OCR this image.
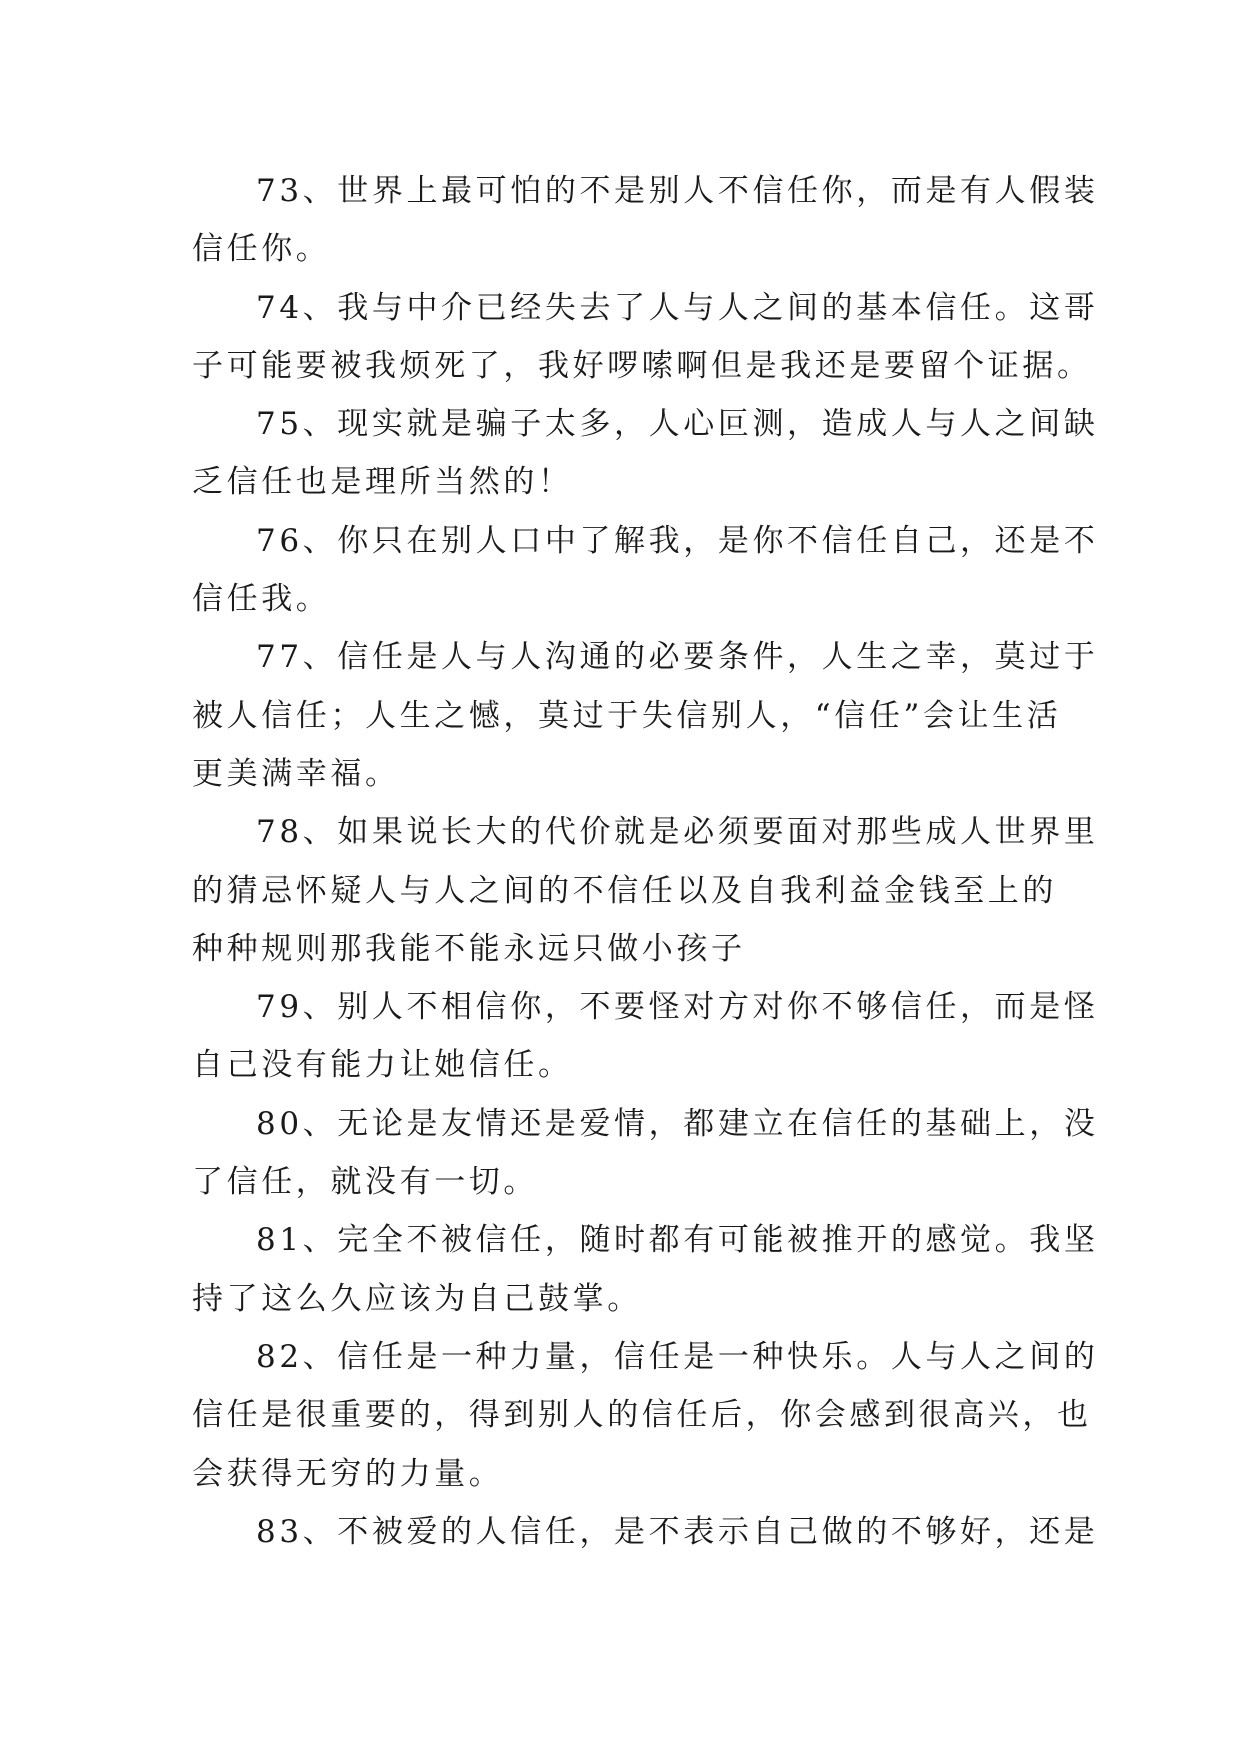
73、世界上最可怕的不是别人不信任你，而是有人假装
信任你。
74、我与中介已经失去了人与人之间的基本信任。这哥
子可能要被我烦死了，我好啰嗦啊但是我还是要留个证据。
75、现实就是骗子太多，人心叵测，造成人与人之间缺
乏信任也是理所当然的！
76、你只在别人口中了解我，是你不信任自己，还是不
信任我。
77、信任是人与人沟通的必要条件，人生之幸，莫过于
被人信任；人生之憾，莫过于失信别人，“信任”会让生活
更美满幸福。
78、如果说长大的代价就是必须要面对那些成人世界里
的猜忌怀疑人与人之间的不信任以及自我利益金钱至上的
种种规则那我能不能永远只做小孩子
79、别人不相信你，不要怪对方对你不够信任，而是怪
自己没有能力让她信任。
80、无论是友情还是爱情，都建立在信任的基础上，没
了信任，就没有一切。
81、完全不被信任，随时都有可能被推开的感觉。我坚
持了这么久应该为自己鼓掌。
82、信任是一种力量，信任是一种快乐。人与人之间的
信任是很重要的，得到别人的信任后，你会感到很高兴，也
会获得无穷的力量。
83、不被爱的人信任，是不表示自己做的不够好，还是
